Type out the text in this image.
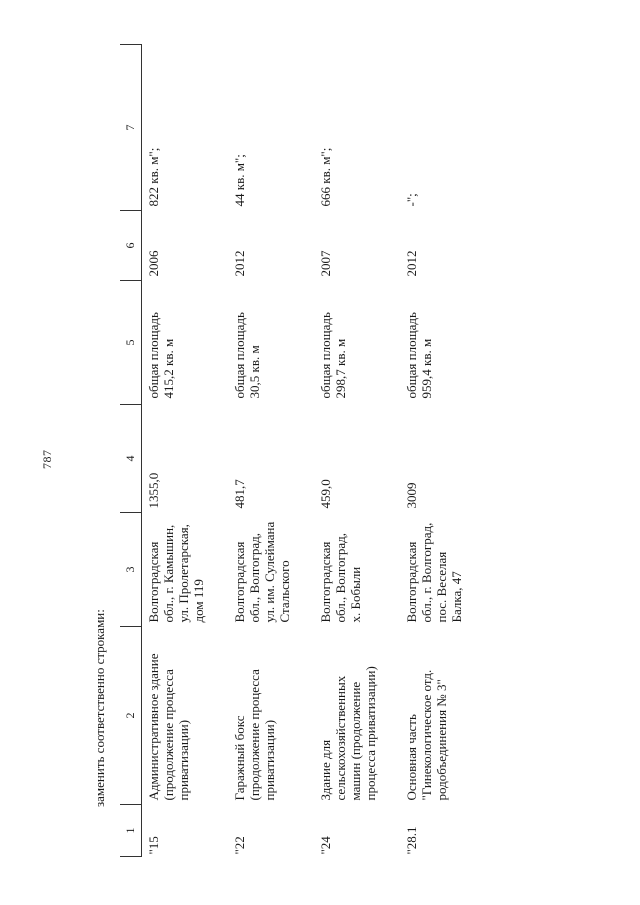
787
заменить соответственно строками:
1	2	3	4	5	6	7
"15	Административное здание
(продолжение процесса
приватизации)	Волгоградская
обл., г. Камышин,
ул. Пролетарская,
дом 119	1355,0	общая площадь
415,2 кв. м	2006	822 кв. м";
"22	Гаражный бокс
(продолжение процесса
приватизации)	Волгоградская
обл., Волгоград,
ул. им. Сулеймана
Стальского	481,7	общая площадь
30,5 кв. м	2012	44 кв. м";
"24	Здание для
сельскохозяйственных
машин (продолжение
процесса приватизации)	Волгоградская
обл., Волгоград,
х. Бобыли	459,0	общая площадь
298,7 кв. м	2007	666 кв. м";
"28.1	Основная часть
"Гинекологическое отд.
родобъединения № 3"	Волгоградская
обл., г. Волгоград,
пос. Веселая
Балка, 47	3009	общая площадь
959,4 кв. м	2012	-";
